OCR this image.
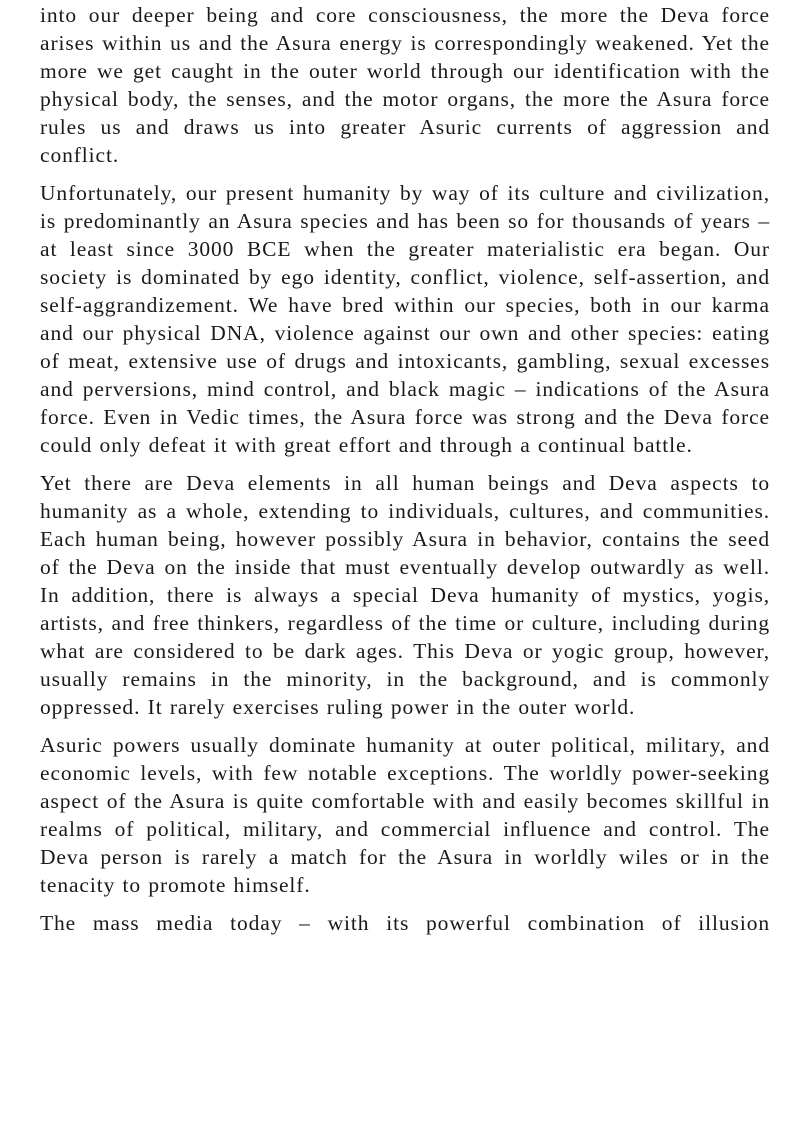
into our deeper being and core consciousness, the more the Deva force arises within us and the Asura energy is correspondingly weakened. Yet the more we get caught in the outer world through our identification with the physical body, the senses, and the motor organs, the more the Asura force rules us and draws us into greater Asuric currents of aggression and conflict.

Unfortunately, our present humanity by way of its culture and civilization, is predominantly an Asura species and has been so for thousands of years – at least since 3000 BCE when the greater materialistic era began. Our society is dominated by ego identity, conflict, violence, self-assertion, and self-aggrandizement. We have bred within our species, both in our karma and our physical DNA, violence against our own and other species: eating of meat, extensive use of drugs and intoxicants, gambling, sexual excesses and perversions, mind control, and black magic – indications of the Asura force. Even in Vedic times, the Asura force was strong and the Deva force could only defeat it with great effort and through a continual battle.

Yet there are Deva elements in all human beings and Deva aspects to humanity as a whole, extending to individuals, cultures, and communities. Each human being, however possibly Asura in behavior, contains the seed of the Deva on the inside that must eventually develop outwardly as well. In addition, there is always a special Deva humanity of mystics, yogis, artists, and free thinkers, regardless of the time or culture, including during what are considered to be dark ages. This Deva or yogic group, however, usually remains in the minority, in the background, and is commonly oppressed. It rarely exercises ruling power in the outer world.

Asuric powers usually dominate humanity at outer political, military, and economic levels, with few notable exceptions. The worldly power-seeking aspect of the Asura is quite comfortable with and easily becomes skillful in realms of political, military, and commercial influence and control. The Deva person is rarely a match for the Asura in worldly wiles or in the tenacity to promote himself.

The mass media today – with its powerful combination of illusion
